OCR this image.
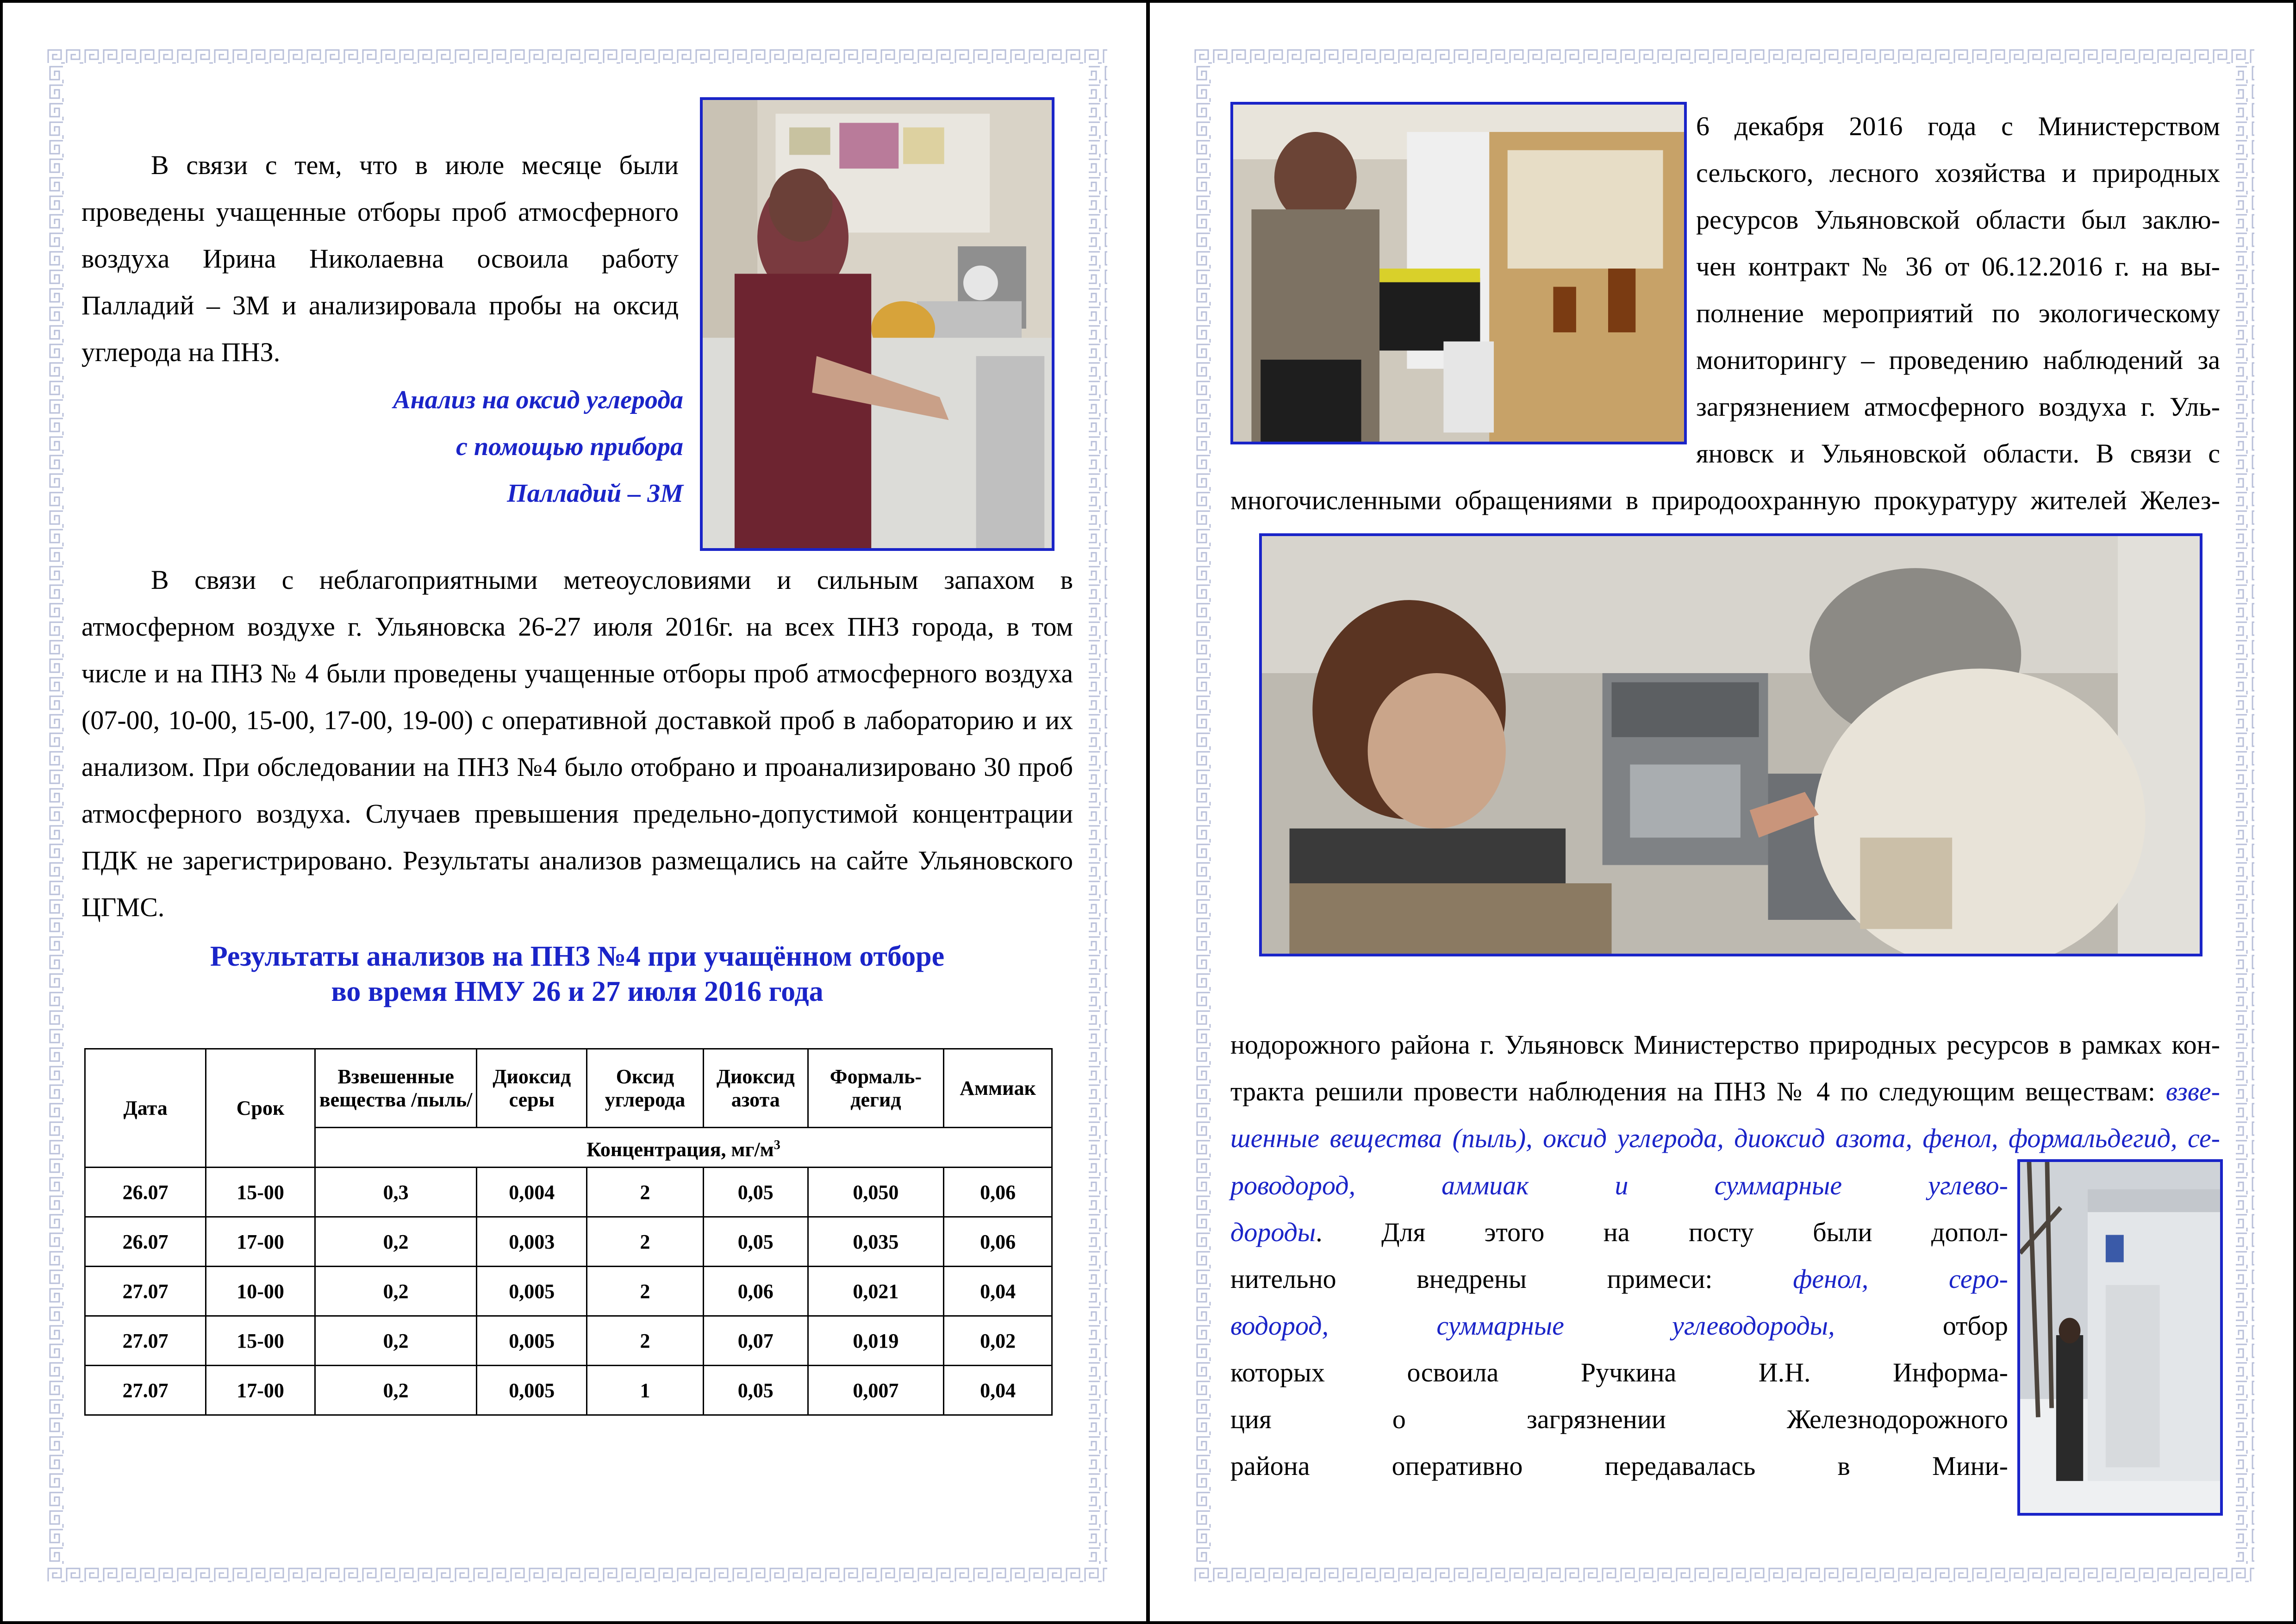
В связи с тем, что в июле месяце были проведены учащенные отборы проб атмосферного воздуха Ирина Николаевна освоила работу Палладий – 3М и анализировала пробы на оксид углерода на ПНЗ.

Анализ на оксид углерода

с помощью прибора

Палладий – 3М

В связи с неблагоприятными метеоусловиями и сильным запахом в атмосферном воздухе г. Ульяновска 26-27 июля 2016г. на всех ПНЗ города, в том числе и на ПНЗ № 4 были проведены учащенные отборы проб атмосферного воздуха (07-00, 10-00, 15-00, 17-00, 19-00) с оперативной доставкой проб в лабораторию и их анализом. При обследовании на ПНЗ №4 было отобрано и проанализировано 30 проб атмосферного воздуха. Случаев превышения предельно-допустимой концентрации ПДК не зарегистрировано. Результаты анализов размещались на сайте Ульяновского ЦГМС.

Результаты анализов на ПНЗ №4 при учащённом отборе

во время НМУ 26 и 27 июля 2016 года

Дата	Срок	Взвешенные вещества /пыль/	Диоксид серы	Оксид углерода	Диоксид азота	Формаль-дегид	Аммиак
		Концентрация, $мг/м^3$
26.07	15-00	0,3	0,004	2	0,05	0,050	0,06
26.07	17-00	0,2	0,003	2	0,05	0,035	0,06
27.07	10-00	0,2	0,005	2	0,06	0,021	0,04
27.07	15-00	0,2	0,005	2	0,07	0,019	0,02
27.07	17-00	0,2	0,005	1	0,05	0,007	0,04

6 декабря 2016 года с Министерством

сельского, лесного хозяйства и природных

ресурсов Ульяновской области был заклю-

чен контракт № 36 от 06.12.2016 г. на вы-

полнение мероприятий по экологическому

мониторингу – проведению наблюдений за

загрязнением атмосферного воздуха г. Уль-

яновск и Ульяновской области. В связи с

многочисленными обращениями в природоохранную прокуратуру жителей Желез-

нодорожного района г. Ульяновск Министерство природных ресурсов в рамках кон-

тракта решили провести наблюдения на ПНЗ № 4 по следующим веществам: взве-

шенные вещества (пыль), оксид углерода, диоксид азота, фенол, формальдегид, се-

роводород, аммиак и суммарные углево-

дороды. Для этого на посту были допол-

нительно внедрены примеси: фенол, серо-

водород, суммарные углеводороды, отбор

которых освоила Ручкина И.Н. Информа-

ция о загрязнении Железнодорожного

района оперативно передавалась в Мини-
